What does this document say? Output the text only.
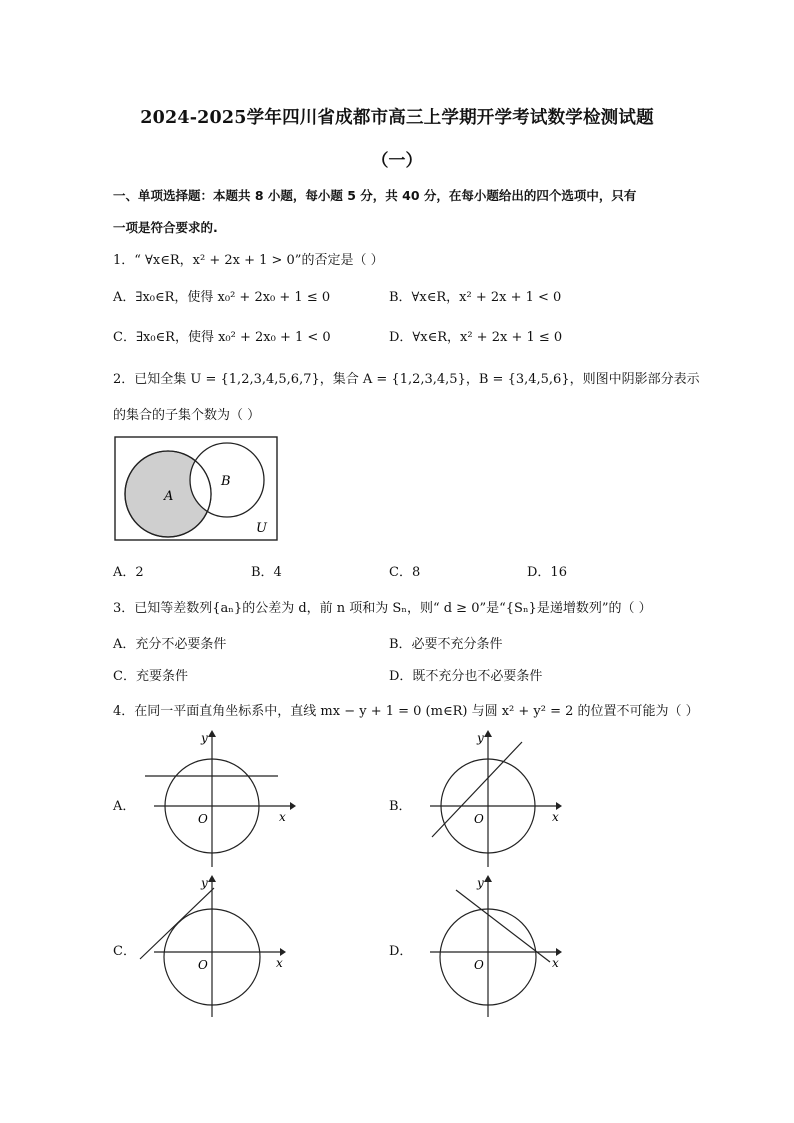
2024-2025学年四川省成都市高三上学期开学考试数学检测试题
（一）
一、单项选择题：本题共 8 小题，每小题 5 分，共 40 分，在每小题给出的四个选项中，只有
一项是符合要求的.
1．“ ∀x∈R，x² + 2x + 1 > 0”的否定是（ ）
A．∃x₀∈R，使得 x₀² + 2x₀ + 1 ≤ 0	B．∀x∈R，x² + 2x + 1 < 0
C．∃x₀∈R，使得 x₀² + 2x₀ + 1 < 0	D．∀x∈R，x² + 2x + 1 ≤ 0
2．已知全集 U = {1,2,3,4,5,6,7}，集合 A = {1,2,3,4,5}，B = {3,4,5,6}，则图中阴影部分表示
的集合的子集个数为（ ）
A
B
U
A．2	B．4	C．8	D．16
3．已知等差数列{aₙ}的公差为 d，前 n 项和为 Sₙ，则“ d ≥ 0”是“{Sₙ}是递增数列”的（ ）
A．充分不必要条件	B．必要不充分条件
C．充要条件	D．既不充分也不必要条件
4．在同一平面直角坐标系中，直线 mx − y + 1 = 0 (m∈R) 与圆 x² + y² = 2 的位置不可能为（ ）
A．	B．
C．	D．
O	x
y
O	x
y
O	x
y
O	x
y
